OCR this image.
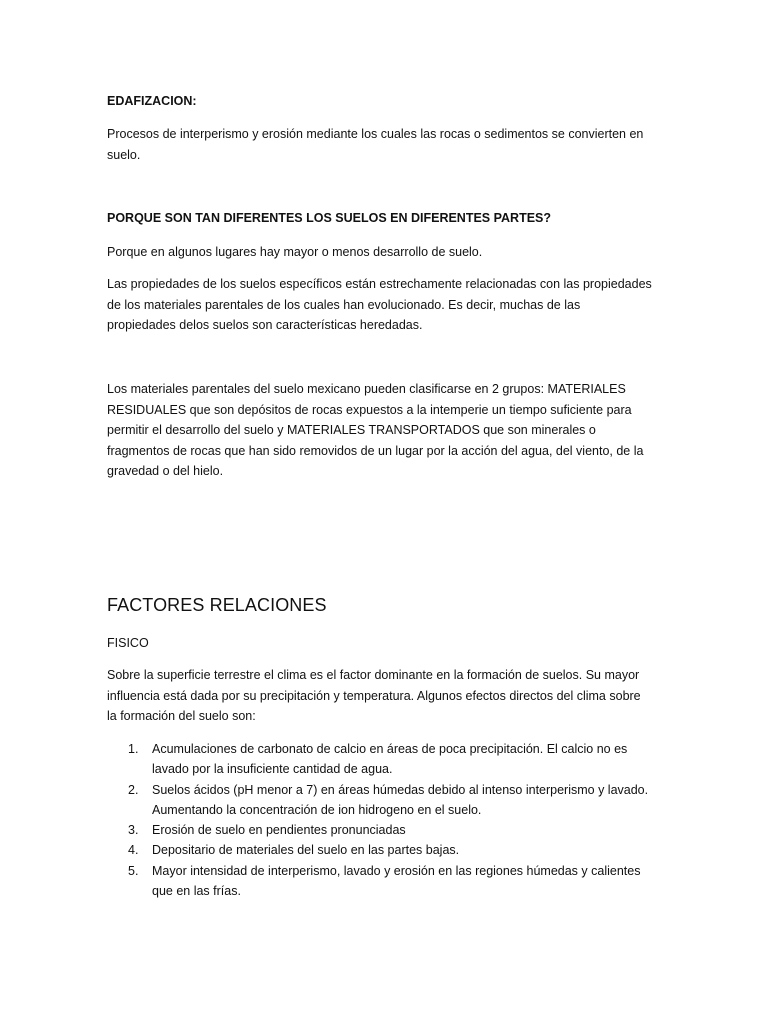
EDAFIZACION:

Procesos de interperismo y erosión mediante los cuales las rocas o sedimentos se convierten en suelo.

PORQUE SON TAN DIFERENTES LOS SUELOS EN DIFERENTES PARTES?

Porque en algunos lugares hay mayor o menos desarrollo de suelo.

Las propiedades de los suelos específicos están estrechamente relacionadas con las propiedades de los materiales parentales de los cuales han evolucionado. Es decir, muchas de las propiedades delos suelos son características heredadas.

Los materiales parentales del suelo mexicano pueden clasificarse en 2 grupos: MATERIALES RESIDUALES que son depósitos de rocas expuestos a la intemperie un tiempo suficiente para permitir el desarrollo del suelo y MATERIALES TRANSPORTADOS que son minerales o fragmentos de rocas que han sido removidos de un lugar por la acción del agua, del viento, de la gravedad o del hielo.

FACTORES RELACIONES

FISICO

Sobre la superficie terrestre el clima es el factor dominante en la formación de suelos. Su mayor influencia está dada por su precipitación y temperatura. Algunos efectos directos del clima sobre la formación del suelo son:

1. Acumulaciones de carbonato de calcio en áreas de poca precipitación. El calcio no es lavado por la insuficiente cantidad de agua.
2. Suelos ácidos (pH menor a 7) en áreas húmedas debido al intenso interperismo y lavado. Aumentando la concentración de ion hidrogeno en el suelo.
3. Erosión de suelo en pendientes pronunciadas
4. Depositario de materiales del suelo en las partes bajas.
5. Mayor intensidad de interperismo, lavado y erosión en las regiones húmedas y calientes que en las frías.
